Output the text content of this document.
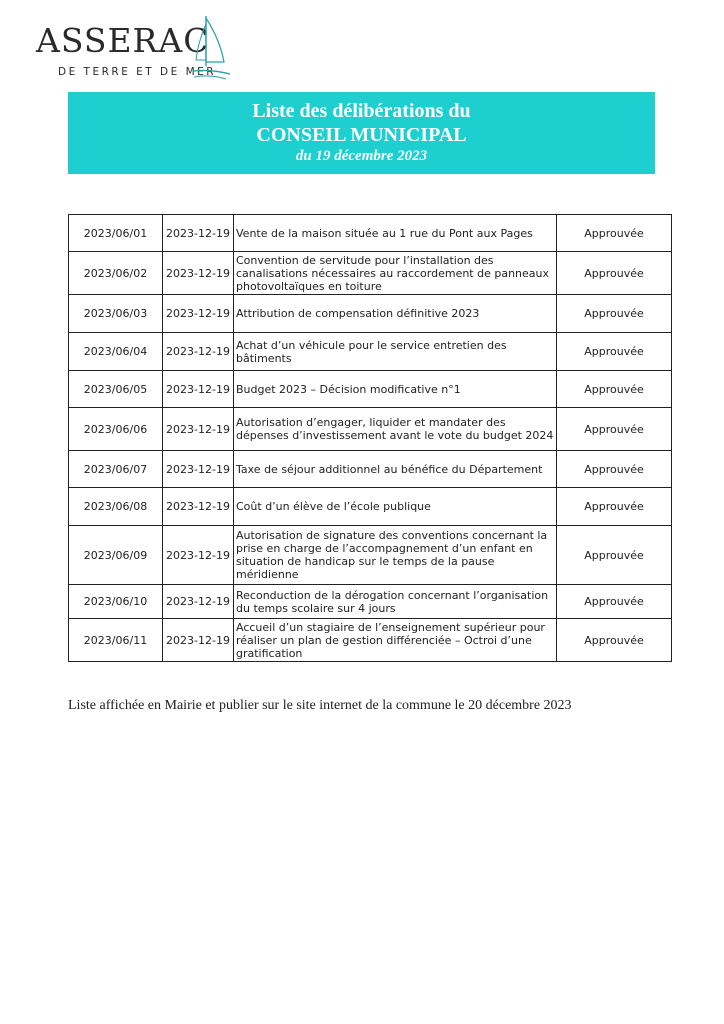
ASSERAC
DE TERRE ET DE MER
Liste des délibérations du
CONSEIL MUNICIPAL
du 19 décembre 2023
2023/06/01	2023-12-19	Vente de la maison située au 1 rue du Pont aux Pages	Approuvée
2023/06/02	2023-12-19	Convention de servitude pour l’installation des canalisations nécessaires au raccordement de panneaux photovoltaïques en toiture	Approuvée
2023/06/03	2023-12-19	Attribution de compensation définitive 2023	Approuvée
2023/06/04	2023-12-19	Achat d’un véhicule pour le service entretien des bâtiments	Approuvée
2023/06/05	2023-12-19	Budget 2023 – Décision modificative n°1	Approuvée
2023/06/06	2023-12-19	Autorisation d’engager, liquider et mandater des dépenses d’investissement avant le vote du budget 2024	Approuvée
2023/06/07	2023-12-19	Taxe de séjour additionnel au bénéfice du Département	Approuvée
2023/06/08	2023-12-19	Coût d’un élève de l’école publique	Approuvée
2023/06/09	2023-12-19	Autorisation de signature des conventions concernant la prise en charge de l’accompagnement d’un enfant en situation de handicap sur le temps de la pause méridienne	Approuvée
2023/06/10	2023-12-19	Reconduction de la dérogation concernant l’organisation du temps scolaire sur 4 jours	Approuvée
2023/06/11	2023-12-19	Accueil d’un stagiaire de l’enseignement supérieur pour réaliser un plan de gestion différenciée – Octroi d’une gratification	Approuvée
Liste affichée en Mairie et publier sur le site internet de la commune le 20 décembre 2023
